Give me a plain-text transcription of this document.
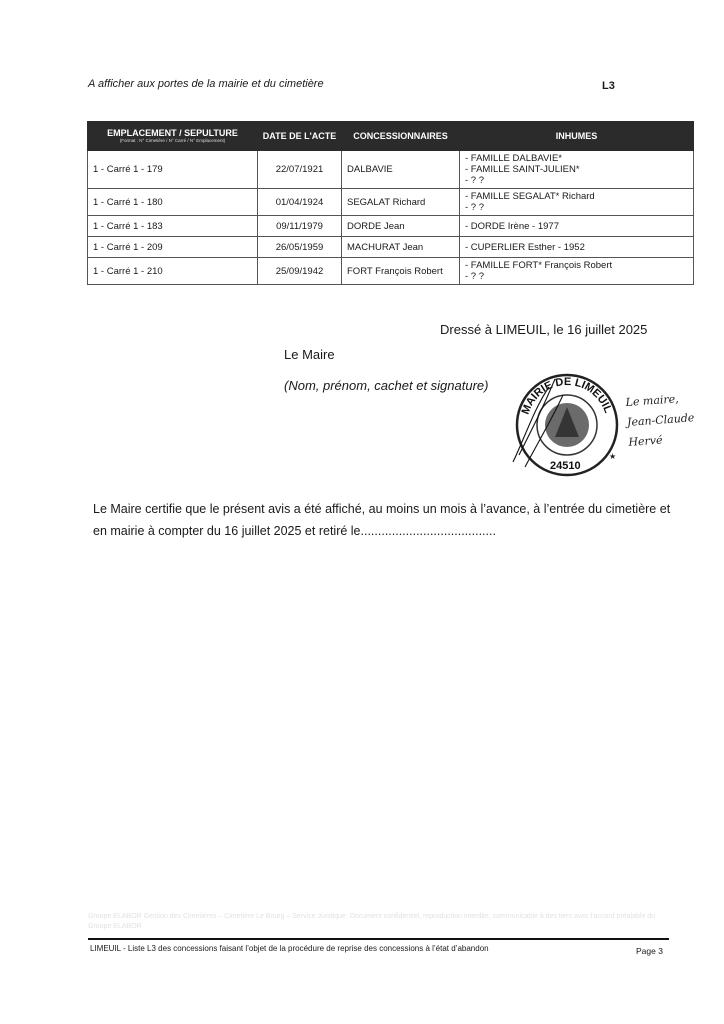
A afficher aux portes de la mairie et du cimetière	L3
EMPLACEMENT / SEPULTURE
(Format : N° Cimetière / N° Carré / N° Emplacement)	DATE DE L'ACTE	CONCESSIONNAIRES	INHUMES
1 - Carré 1 - 179	22/07/1921	DALBAVIE	- FAMILLE DALBAVIE*
- FAMILLE SAINT-JULIEN*
- ? ?

1 - Carré 1 - 180	01/04/1924	SEGALAT Richard	- FAMILLE SEGALAT* Richard
- ? ?

1 - Carré 1 - 183	09/11/1979	DORDE Jean	- DORDE Irène - 1977

1 - Carré 1 - 209	26/05/1959	MACHURAT Jean	- CUPERLIER Esther - 1952

1 - Carré 1 - 210	25/09/1942	FORT François Robert	- FAMILLE FORT* François Robert
- ? ?
Dressé à LIMEUIL, le 16 juillet 2025
Le Maire
(Nom, prénom, cachet et signature)
MAIRIE DE LIMEUIL
24510
★
Le maire,
Jean-Claude Hervé
Le Maire certifie que le présent avis a été affiché, au moins un mois à l’avance, à l’entrée du cimetière et en mairie à compter du 16 juillet 2025 et retiré le.......................................
Groupe ELABOR Gestion des Cimetières – Cimetière Le Bourg – Service Juridique. Document confidentiel, reproduction interdite, communicable à des tiers avec l'accord préalable du Groupe ELABOR
LIMEUIL - Liste L3 des concessions faisant l’objet de la procédure de reprise des concessions à l’état d’abandon	Page 3
